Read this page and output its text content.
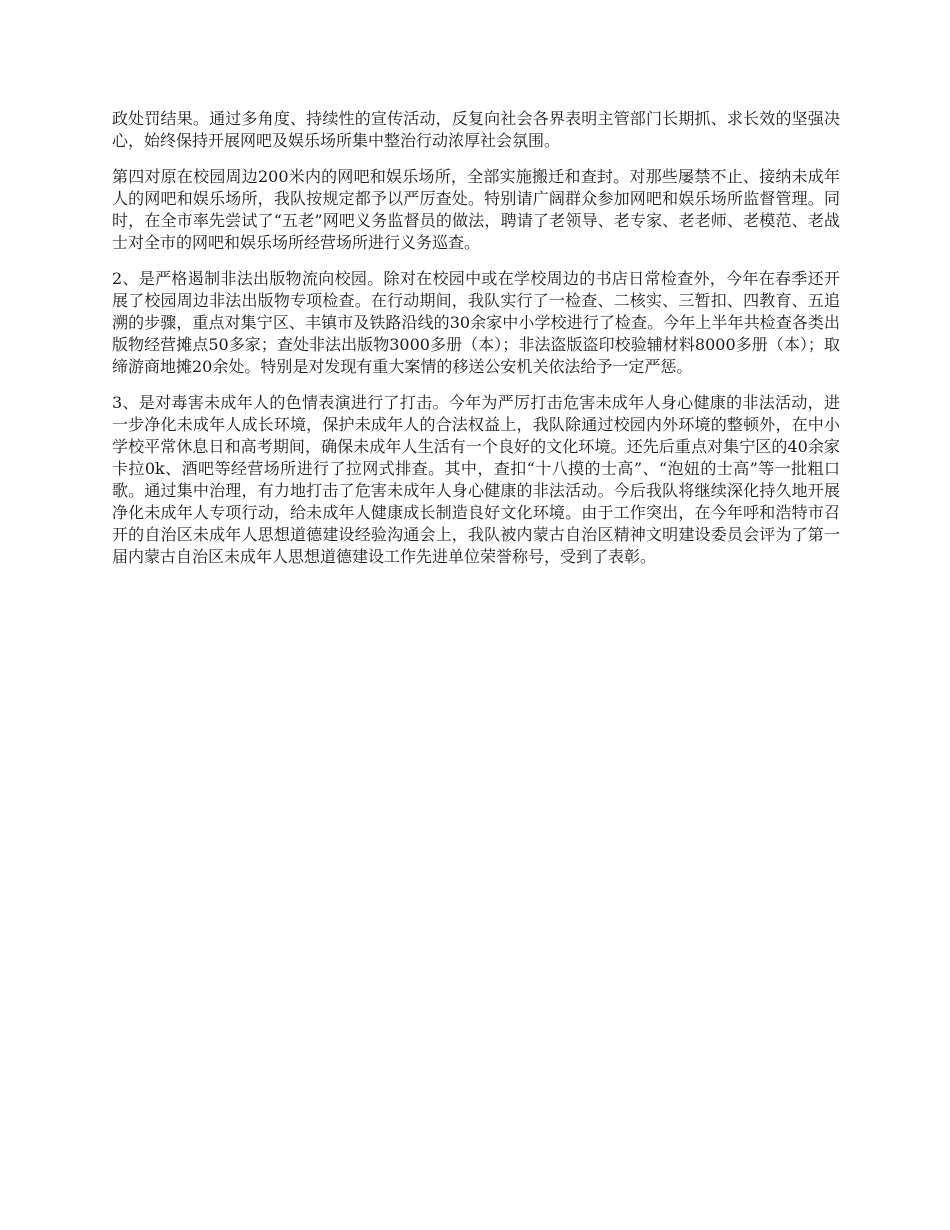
政处罚结果。通过多角度、持续性的宣传活动，反复向社会各界表明主管部门长期抓、求长效的坚强决心，始终保持开展网吧及娱乐场所集中整治行动浓厚社会氛围。

第四对原在校园周边200米内的网吧和娱乐场所，全部实施搬迁和查封。对那些屡禁不止、接纳未成年人的网吧和娱乐场所，我队按规定都予以严厉查处。特别请广阔群众参加网吧和娱乐场所监督管理。同时，在全市率先尝试了“五老”网吧义务监督员的做法，聘请了老领导、老专家、老老师、老模范、老战士对全市的网吧和娱乐场所经营场所进行义务巡查。

2、是严格遏制非法出版物流向校园。除对在校园中或在学校周边的书店日常检查外，今年在春季还开展了校园周边非法出版物专项检查。在行动期间，我队实行了一检查、二核实、三暂扣、四教育、五追溯的步骤，重点对集宁区、丰镇市及铁路沿线的30余家中小学校进行了检查。今年上半年共检查各类出版物经营摊点50多家；查处非法出版物3000多册（本）；非法盗版盗印校验辅材料8000多册（本）；取缔游商地摊20余处。特别是对发现有重大案情的移送公安机关依法给予一定严惩。

3、是对毒害未成年人的色情表演进行了打击。今年为严厉打击危害未成年人身心健康的非法活动，进一步净化未成年人成长环境，保护未成年人的合法权益上，我队除通过校园内外环境的整顿外，在中小学校平常休息日和高考期间，确保未成年人生活有一个良好的文化环境。还先后重点对集宁区的40余家卡拉0k、酒吧等经营场所进行了拉网式排查。其中，查扣“十八摸的士高”、“泡妞的士高”等一批粗口歌。通过集中治理，有力地打击了危害未成年人身心健康的非法活动。今后我队将继续深化持久地开展净化未成年人专项行动，给未成年人健康成长制造良好文化环境。由于工作突出，在今年呼和浩特市召开的自治区未成年人思想道德建设经验沟通会上，我队被内蒙古自治区精神文明建设委员会评为了第一届内蒙古自治区未成年人思想道德建设工作先进单位荣誉称号，受到了表彰。
